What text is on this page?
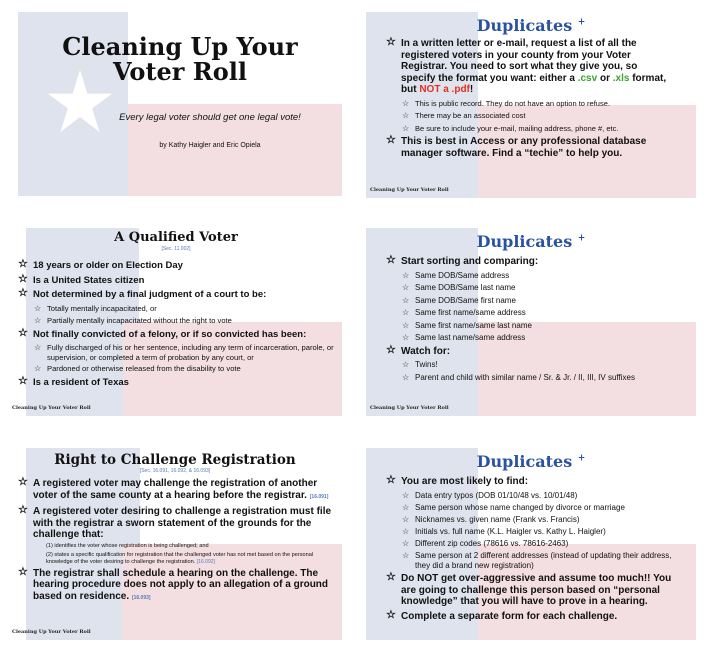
Cleaning Up Your
Voter Roll
Every legal voter should get one legal vote!
by Kathy Haigler and Eric Opiela
Duplicates +
☆ In a written letter or e-mail, request a list of all the registered voters in your county from your Voter Registrar. You need to sort what they give you, so specify the format you want: either a .csv or .xls format, but NOT a .pdf!
☆ This is public record. They do not have an option to refuse.
☆ There may be an associated cost
☆ Be sure to include your e-mail, mailing address, phone #, etc.
☆ This is best in Access or any professional database manager software. Find a “techie” to help you.
Cleaning Up Your Voter Roll
A Qualified Voter
[Sec. 11.002]
☆ 18 years or older on Election Day
☆ Is a United States citizen
☆ Not determined by a final judgment of a court to be:
☆ Totally mentally incapacitated, or
☆ Partially mentally incapacitated without the right to vote
☆ Not finally convicted of a felony, or if so convicted has been:
☆ Fully discharged of his or her sentence, including any term of incarceration, parole, or supervision, or completed a term of probation by any court, or
☆ Pardoned or otherwise released from the disability to vote
☆ Is a resident of Texas
Cleaning Up Your Voter Roll
Duplicates +
☆ Start sorting and comparing:
☆ Same DOB/Same address
☆ Same DOB/Same last name
☆ Same DOB/Same first name
☆ Same first name/same address
☆ Same first name/same last name
☆ Same last name/same address
☆ Watch for:
☆ Twins!
☆ Parent and child with similar name / Sr. & Jr. / II, III, IV suffixes
Cleaning Up Your Voter Roll
Right to Challenge Registration
[Sec. 16.091, 16.092, & 16.093]
☆ A registered voter may challenge the registration of another voter of the same county at a hearing before the registrar. [16.091]
☆ A registered voter desiring to challenge a registration must file with the registrar a sworn statement of the grounds for the challenge that:
(1) identifies the voter whose registration is being challenged; and
(2) states a specific qualification for registration that the challenged voter has not met based on the personal knowledge of the voter desiring to challenge the registration. [16.092]
☆ The registrar shall schedule a hearing on the challenge. The hearing procedure does not apply to an allegation of a ground based on residence. [16.093]
Cleaning Up Your Voter Roll
Duplicates +
☆ You are most likely to find:
☆ Data entry typos (DOB 01/10/48 vs. 10/01/48)
☆ Same person whose name changed by divorce or marriage
☆ Nicknames vs. given name (Frank vs. Francis)
☆ Initials vs. full name (K.L. Haigler vs. Kathy L. Haigler)
☆ Different zip codes (78616 vs. 78616-2463)
☆ Same person at 2 different addresses (instead of updating their address, they did a brand new registration)
☆ Do NOT get over-aggressive and assume too much!! You are going to challenge this person based on “personal knowledge” that you will have to prove in a hearing.
☆ Complete a separate form for each challenge.
